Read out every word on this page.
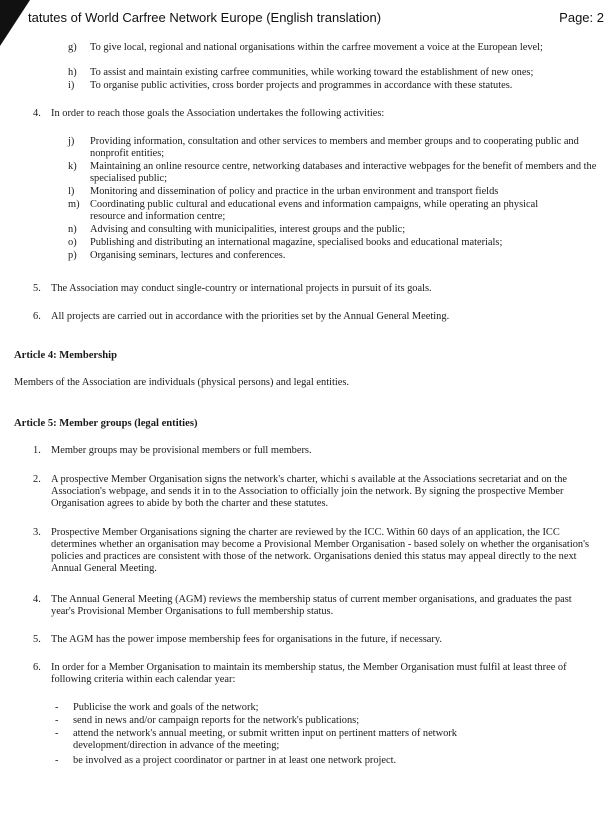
tatutes of World Carfree Network Europe (English translation)	Page: 2
g) To give local, regional and national organisations within the carfree movement a voice at the European level;
h) To assist and maintain existing carfree communities, while working toward the establishment of new ones;
i) To organise public activities, cross border projects and programmes in accordance with these statutes.
4. In order to reach those goals the Association undertakes the following activities:
j) Providing information, consultation and other services to members and member groups and to cooperating public and nonprofit entities;
k) Maintaining an online resource centre, networking databases and interactive webpages for the benefit of members and the specialised public;
l) Monitoring and dissemination of policy and practice in the urban environment and transport fields
m) Coordinating public cultural and educational evens and information campaigns, while operating an physical resource and information centre;
n) Advising and consulting with municipalities, interest groups and the public;
o) Publishing and distributing an international magazine, specialised books and educational materials;
p) Organising seminars, lectures and conferences.
5. The Association may conduct single-country or international projects in pursuit of its goals.
6. All projects are carried out in accordance with the priorities set by the Annual General Meeting.
Article 4: Membership
Members of the Association are individuals (physical persons) and legal entities.
Article 5: Member groups (legal entities)
1. Member groups may be provisional members or full members.
2. A prospective Member Organisation signs the network's charter, whichi s available at the Associations secretariat and on the Association's webpage, and sends it in to the Association to officially join the network. By signing the prospective Member Organisation agrees to abide by both the charter and these statutes.
3. Prospective Member Organisations signing the charter are reviewed by the ICC. Within 60 days of an application, the ICC determines whether an organisation may become a Provisional Member Organisation - based solely on whether the organisation's policies and practices are consistent with those of the network. Organisations denied this status may appeal directly to the next Annual General Meeting.
4. The Annual General Meeting (AGM) reviews the membership status of current member organisations, and graduates the past year's Provisional Member Organisations to full membership status.
5. The AGM has the power impose membership fees for organisations in the future, if necessary.
6. In order for a Member Organisation to maintain its membership status, the Member Organisation must fulfil at least three of following criteria within each calendar year:
- Publicise the work and goals of the network;
- send in news and/or campaign reports for the network's publications;
- attend the network's annual meeting, or submit written input on pertinent matters of network development/direction in advance of the meeting;
- be involved as a project coordinator or partner in at least one network project.
